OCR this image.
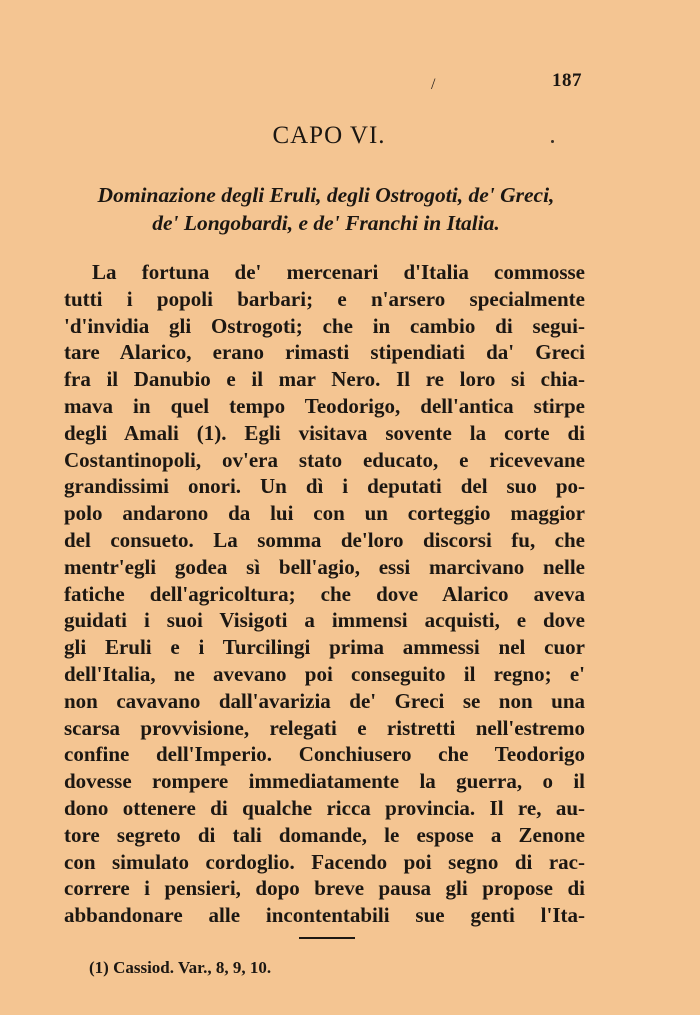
187
/
CAPO VI.
Dominazione degli Eruli, degli Ostrogoti, de' Greci,
de' Longobardi, e de' Franchi in Italia.
La fortuna de' mercenari d'Italia commosse
tutti i popoli barbari; e n'arsero specialmente
'd'invidia gli Ostrogoti; che in cambio di segui-
tare Alarico, erano rimasti stipendiati da' Greci
fra il Danubio e il mar Nero. Il re loro si chia-
mava in quel tempo Teodorigo, dell'antica stirpe
degli Amali (1). Egli visitava sovente la corte di
Costantinopoli, ov'era stato educato, e ricevevane
grandissimi onori. Un dì i deputati del suo po-
polo andarono da lui con un corteggio maggior
del consueto. La somma de'loro discorsi fu, che
mentr'egli godea sì bell'agio, essi marcivano nelle
fatiche dell'agricoltura; che dove Alarico aveva
guidati i suoi Visigoti a immensi acquisti, e dove
gli Eruli e i Turcilingi prima ammessi nel cuor
dell'Italia, ne avevano poi conseguito il regno; e'
non cavavano dall'avarizia de' Greci se non una
scarsa provvisione, relegati e ristretti nell'estremo
confine dell'Imperio. Conchiusero che Teodorigo
dovesse rompere immediatamente la guerra, o il
dono ottenere di qualche ricca provincia. Il re, au-
tore segreto di tali domande, le espose a Zenone
con simulato cordoglio. Facendo poi segno di rac-
correre i pensieri, dopo breve pausa gli propose di
abbandonare alle incontentabili sue genti l'Ita-
(1) Cassiod. Var., 8, 9, 10.
